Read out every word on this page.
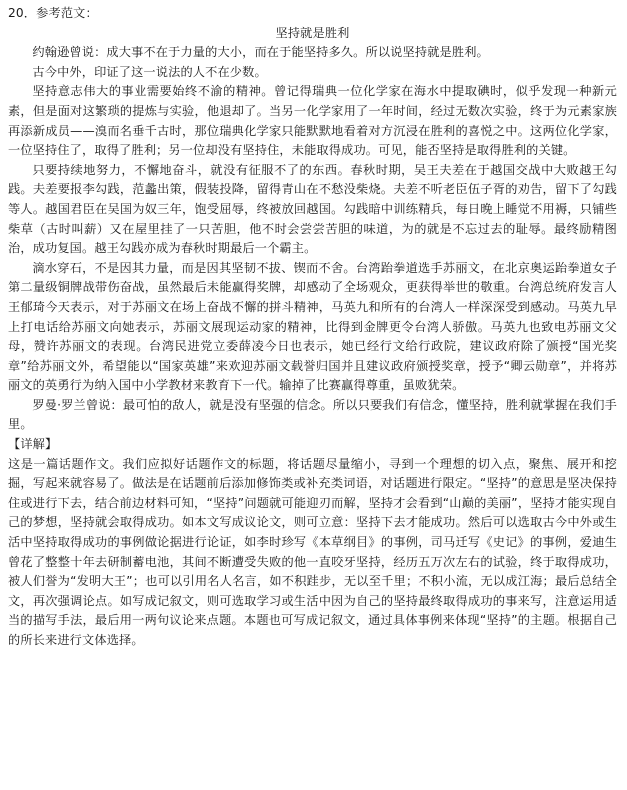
20．参考范文：

坚持就是胜利

约翰逊曾说：成大事不在于力量的大小，而在于能坚持多久。所以说坚持就是胜利。

古今中外，印证了这一说法的人不在少数。

坚持意志伟大的事业需要始终不渝的精神。曾记得瑞典一位化学家在海水中提取碘时，似乎发现一种新元素，但是面对这繁琐的提炼与实验，他退却了。当另一化学家用了一年时间，经过无数次实验，终于为元素家族再添新成员——溴而名垂千古时，那位瑞典化学家只能默默地看着对方沉浸在胜利的喜悦之中。这两位化学家，一位坚持住了，取得了胜利；另一位却没有坚持住，未能取得成功。可见，能否坚持是取得胜利的关键。

只要持续地努力，不懈地奋斗，就没有征服不了的东西。春秋时期，吴王夫差在于越国交战中大败越王勾践。夫差要报李勾践，范蠡出策，假装投降，留得青山在不愁没柴烧。夫差不听老臣伍子胥的劝告，留下了勾践等人。越国君臣在吴国为奴三年，饱受屈辱，终被放回越国。勾践暗中训练精兵，每日晚上睡觉不用褥，只铺些柴草（古时叫薪）又在屋里挂了一只苦胆，他不时会尝尝苦胆的味道，为的就是不忘过去的耻辱。最终励精图治，成功复国。越王勾践亦成为春秋时期最后一个霸主。

滴水穿石，不是因其力量，而是因其坚韧不拔、锲而不舍。台湾跆拳道选手苏丽文，在北京奥运跆拳道女子第二量级铜牌战带伤奋战，虽然最后未能赢得奖牌，却感动了全场观众，更获得举世的敬重。台湾总统府发言人王郁琦今天表示，对于苏丽文在场上奋战不懈的拼斗精神，马英九和所有的台湾人一样深深受到感动。马英九早上打电话给苏丽文向她表示，苏丽文展现运动家的精神，比得到金牌更令台湾人骄傲。马英九也致电苏丽文父母，赞许苏丽文的表现。台湾民进党立委薛凌今日也表示，她已经行文给行政院，建议政府除了颁授“国光奖章”给苏丽文外，希望能以“国家英雄”来欢迎苏丽文载誉归国并且建议政府颁授奖章，授予“卿云勋章”，并将苏丽文的英勇行为纳入国中小学教材来教育下一代。输掉了比赛赢得尊重，虽败犹荣。

罗曼·罗兰曾说：最可怕的敌人，就是没有坚强的信念。所以只要我们有信念，懂坚持，胜利就掌握在我们手里。

【详解】

这是一篇话题作文。我们应拟好话题作文的标题，将话题尽量缩小，寻到一个理想的切入点，聚焦、展开和挖掘，写起来就容易了。做法是在话题前后添加修饰类或补充类词语，对话题进行限定。“坚持”的意思是坚决保持住或进行下去，结合前边材料可知，“坚持”问题就可能迎刃而解，坚持才会看到“山巅的美丽”，坚持才能实现自己的梦想，坚持就会取得成功。如本文写成议论文，则可立意：坚持下去才能成功。然后可以选取古今中外或生活中坚持取得成功的事例做论据进行论证，如李时珍写《本草纲目》的事例，司马迁写《史记》的事例，爱迪生曾花了整整十年去研制蓄电池，其间不断遭受失败的他一直咬牙坚持，经历五万次左右的试验，终于取得成功，被人们誉为“发明大王”；也可以引用名人名言，如不积跬步，无以至千里；不积小流，无以成江海；最后总结全文，再次强调论点。如写成记叙文，则可选取学习或生活中因为自己的坚持最终取得成功的事来写，注意运用适当的描写手法，最后用一两句议论来点题。本题也可写成记叙文，通过具体事例来体现“坚持”的主题。根据自己的所长来进行文体选择。
